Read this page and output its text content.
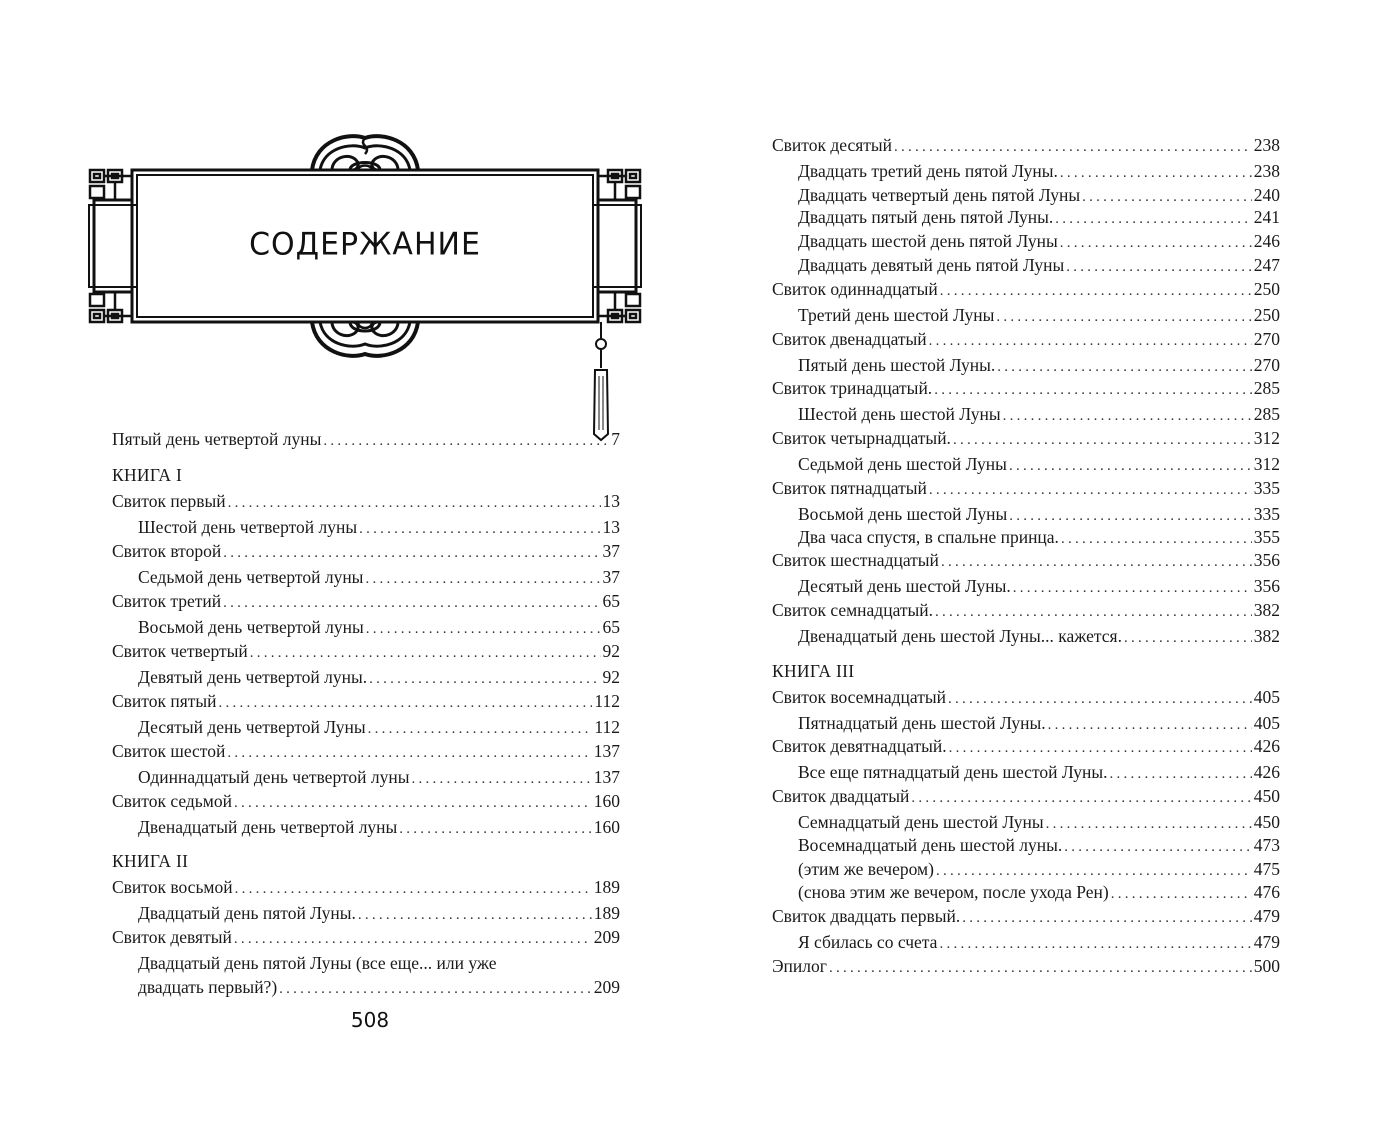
СОДЕРЖАНИЕ
Пятый день четвертой луны . . .	7
КНИГА I
Свиток первый . . .	13
Шестой день четвертой луны . . .	13
Свиток второй . . .	37
Седьмой день четвертой луны . . .	37
Свиток третий . . .	65
Восьмой день четвертой луны . . .	65
Свиток четвертый . . .	92
Девятый день четвертой луны. . . .	92
Свиток пятый . . .	112
Десятый день четвертой Луны . . .	112
Свиток шестой . . .	137
Одиннадцатый день четвертой луны . . .	137
Свиток седьмой . . .	160
Двенадцатый день четвертой луны . . .	160
КНИГА II
Свиток восьмой . . .	189
Двадцатый день пятой Луны. . . .	189
Свиток девятый . . .	209
Двадцатый день пятой Луны (все еще... или уже
двадцать первый?) . . .	209
508
Свиток десятый . . .	238
Двадцать третий день пятой Луны. . . .	238
Двадцать четвертый день пятой Луны . . .	240
Двадцать пятый день пятой Луны. . . .	241
Двадцать шестой день пятой Луны . . .	246
Двадцать девятый день пятой Луны . . .	247
Свиток одиннадцатый . . .	250
Третий день шестой Луны . . .	250
Свиток двенадцатый . . .	270
Пятый день шестой Луны. . . .	270
Свиток тринадцатый. . . .	285
Шестой день шестой Луны . . .	285
Свиток четырнадцатый. . . .	312
Седьмой день шестой Луны . . .	312
Свиток пятнадцатый . . .	335
Восьмой день шестой Луны . . .	335
Два часа спустя, в спальне принца. . . .	355
Свиток шестнадцатый . . .	356
Десятый день шестой Луны. . . .	356
Свиток семнадцатый. . . .	382
Двенадцатый день шестой Луны... кажется. . . .	382
КНИГА III
Свиток восемнадцатый . . .	405
Пятнадцатый день шестой Луны. . . .	405
Свиток девятнадцатый. . . .	426
Все еще пятнадцатый день шестой Луны. . . .	426
Свиток двадцатый . . .	450
Семнадцатый день шестой Луны . . .	450
Восемнадцатый день шестой луны. . . .	473
(этим же вечером) . . .	475
(снова этим же вечером, после ухода Рен) . . .	476
Свиток двадцать первый. . . .	479
Я сбилась со счета . . .	479
Эпилог . . .	500
